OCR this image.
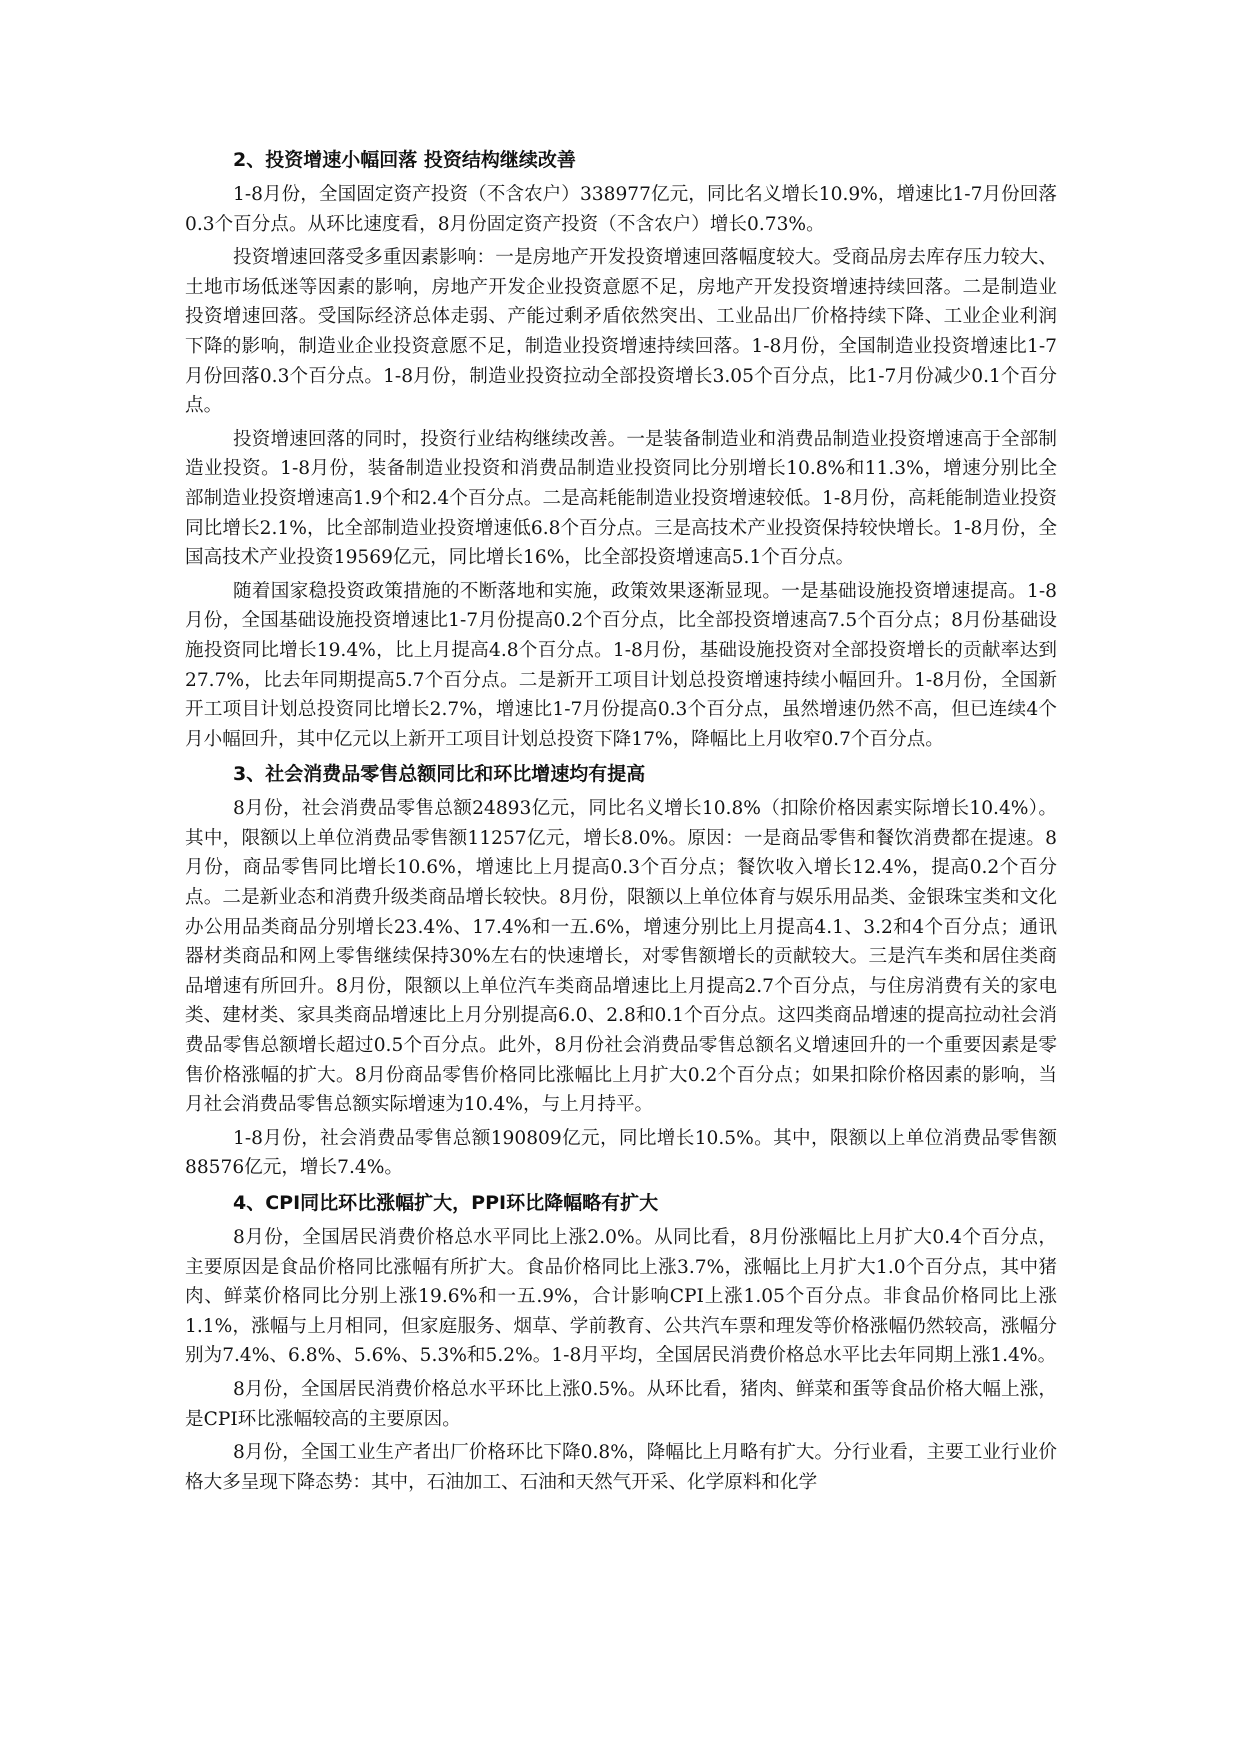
2、投资增速小幅回落 投资结构继续改善

1-8月份，全国固定资产投资（不含农户）338977亿元，同比名义增长10.9%，增速比1-7月份回落0.3个百分点。从环比速度看，8月份固定资产投资（不含农户）增长0.73%。

投资增速回落受多重因素影响：一是房地产开发投资增速回落幅度较大。受商品房去库存压力较大、土地市场低迷等因素的影响，房地产开发企业投资意愿不足，房地产开发投资增速持续回落。二是制造业投资增速回落。受国际经济总体走弱、产能过剩矛盾依然突出、工业品出厂价格持续下降、工业企业利润下降的影响，制造业企业投资意愿不足，制造业投资增速持续回落。1-8月份，全国制造业投资增速比1-7月份回落0.3个百分点。1-8月份，制造业投资拉动全部投资增长3.05个百分点，比1-7月份减少0.1个百分点。

投资增速回落的同时，投资行业结构继续改善。一是装备制造业和消费品制造业投资增速高于全部制造业投资。1-8月份，装备制造业投资和消费品制造业投资同比分别增长10.8%和11.3%，增速分别比全部制造业投资增速高1.9个和2.4个百分点。二是高耗能制造业投资增速较低。1-8月份，高耗能制造业投资同比增长2.1%，比全部制造业投资增速低6.8个百分点。三是高技术产业投资保持较快增长。1-8月份，全国高技术产业投资19569亿元，同比增长16%，比全部投资增速高5.1个百分点。

随着国家稳投资政策措施的不断落地和实施，政策效果逐渐显现。一是基础设施投资增速提高。1-8月份，全国基础设施投资增速比1-7月份提高0.2个百分点，比全部投资增速高7.5个百分点；8月份基础设施投资同比增长19.4%，比上月提高4.8个百分点。1-8月份，基础设施投资对全部投资增长的贡献率达到27.7%，比去年同期提高5.7个百分点。二是新开工项目计划总投资增速持续小幅回升。1-8月份，全国新开工项目计划总投资同比增长2.7%，增速比1-7月份提高0.3个百分点，虽然增速仍然不高，但已连续4个月小幅回升，其中亿元以上新开工项目计划总投资下降17%，降幅比上月收窄0.7个百分点。

3、社会消费品零售总额同比和环比增速均有提高

8月份，社会消费品零售总额24893亿元，同比名义增长10.8%（扣除价格因素实际增长10.4%）。其中，限额以上单位消费品零售额11257亿元，增长8.0%。原因：一是商品零售和餐饮消费都在提速。8月份，商品零售同比增长10.6%，增速比上月提高0.3个百分点；餐饮收入增长12.4%，提高0.2个百分点。二是新业态和消费升级类商品增长较快。8月份，限额以上单位体育与娱乐用品类、金银珠宝类和文化办公用品类商品分别增长23.4%、17.4%和一五.6%，增速分别比上月提高4.1、3.2和4个百分点；通讯器材类商品和网上零售继续保持30%左右的快速增长，对零售额增长的贡献较大。三是汽车类和居住类商品增速有所回升。8月份，限额以上单位汽车类商品增速比上月提高2.7个百分点，与住房消费有关的家电类、建材类、家具类商品增速比上月分别提高6.0、2.8和0.1个百分点。这四类商品增速的提高拉动社会消费品零售总额增长超过0.5个百分点。此外，8月份社会消费品零售总额名义增速回升的一个重要因素是零售价格涨幅的扩大。8月份商品零售价格同比涨幅比上月扩大0.2个百分点；如果扣除价格因素的影响，当月社会消费品零售总额实际增速为10.4%，与上月持平。

1-8月份，社会消费品零售总额190809亿元，同比增长10.5%。其中，限额以上单位消费品零售额88576亿元，增长7.4%。

4、CPI同比环比涨幅扩大，PPI环比降幅略有扩大

8月份，全国居民消费价格总水平同比上涨2.0%。从同比看，8月份涨幅比上月扩大0.4个百分点，主要原因是食品价格同比涨幅有所扩大。食品价格同比上涨3.7%，涨幅比上月扩大1.0个百分点，其中猪肉、鲜菜价格同比分别上涨19.6%和一五.9%，合计影响CPI上涨1.05个百分点。非食品价格同比上涨1.1%，涨幅与上月相同，但家庭服务、烟草、学前教育、公共汽车票和理发等价格涨幅仍然较高，涨幅分别为7.4%、6.8%、5.6%、5.3%和5.2%。1-8月平均，全国居民消费价格总水平比去年同期上涨1.4%。

8月份，全国居民消费价格总水平环比上涨0.5%。从环比看，猪肉、鲜菜和蛋等食品价格大幅上涨，是CPI环比涨幅较高的主要原因。

8月份，全国工业生产者出厂价格环比下降0.8%，降幅比上月略有扩大。分行业看，主要工业行业价格大多呈现下降态势：其中，石油加工、石油和天然气开采、化学原料和化学
